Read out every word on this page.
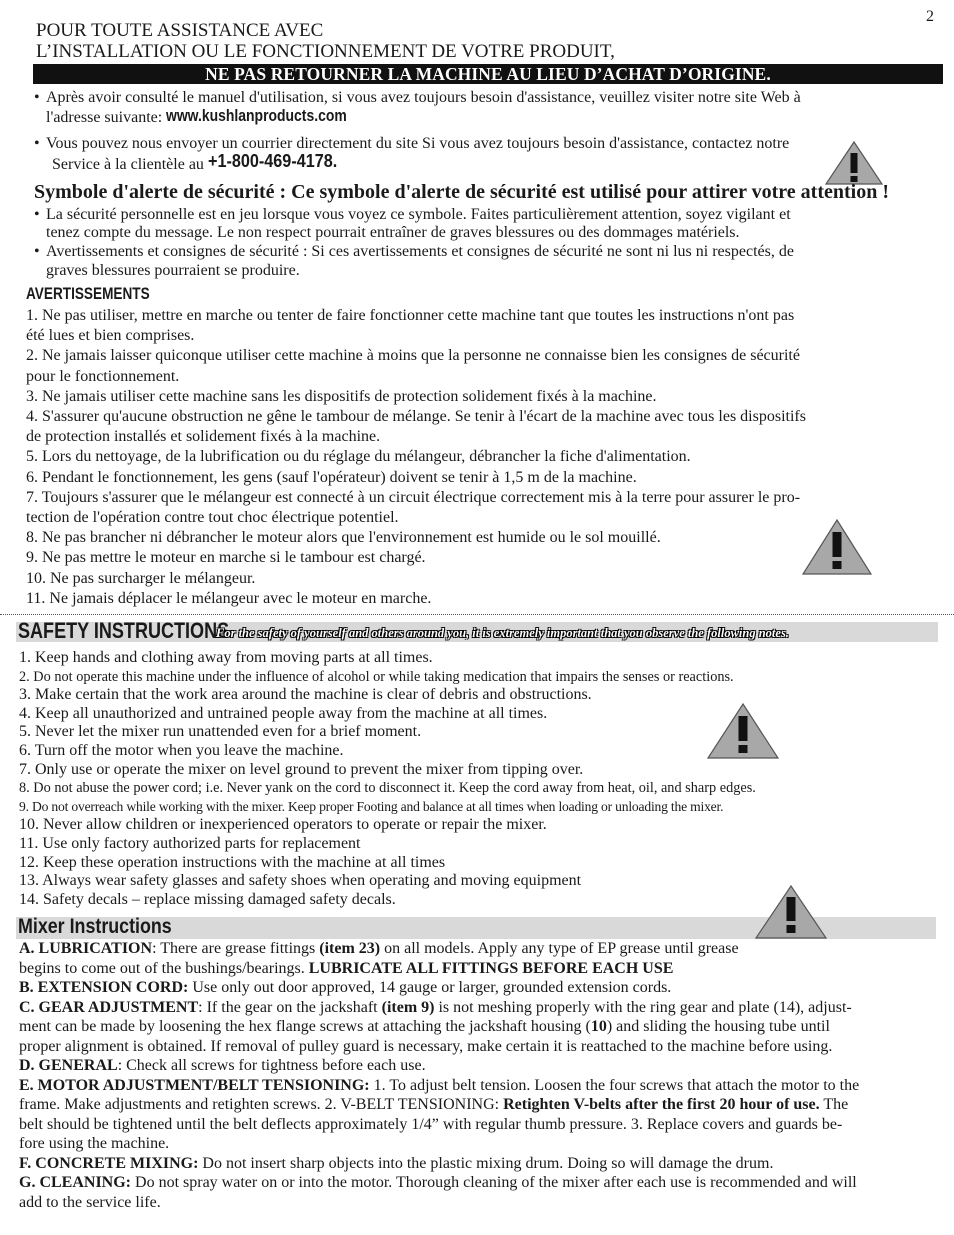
2
POUR TOUTE ASSISTANCE AVEC
L’INSTALLATION OU LE FONCTIONNEMENT DE VOTRE PRODUIT,
NE PAS RETOURNER LA MACHINE AU LIEU D’ACHAT D’ORIGINE.
• Après avoir consulté le manuel d'utilisation, si vous avez toujours besoin d'assistance, veuillez visiter notre site Web à
l'adresse suivante: www.kushlanproducts.com
• Vous pouvez nous envoyer un courrier directement du site Si vous avez toujours besoin d'assistance, contactez notre
Service à la clientèle au +1-800-469-4178.
Symbole d'alerte de sécurité : Ce symbole d'alerte de sécurité est utilisé pour attirer votre attention !
• La sécurité personnelle est en jeu lorsque vous voyez ce symbole. Faites particulièrement attention, soyez vigilant et
tenez compte du message. Le non respect pourrait entraîner de graves blessures ou des dommages matériels.
• Avertissements et consignes de sécurité : Si ces avertissements et consignes de sécurité ne sont ni lus ni respectés, de
graves blessures pourraient se produire.
AVERTISSEMENTS
1. Ne pas utiliser, mettre en marche ou tenter de faire fonctionner cette machine tant que toutes les instructions n'ont pas
été lues et bien comprises.
2. Ne jamais laisser quiconque utiliser cette machine à moins que la personne ne connaisse bien les consignes de sécurité
pour le fonctionnement.
3. Ne jamais utiliser cette machine sans les dispositifs de protection solidement fixés à la machine.
4. S'assurer qu'aucune obstruction ne gêne le tambour de mélange. Se tenir à l'écart de la machine avec tous les dispositifs
de protection installés et solidement fixés à la machine.
5. Lors du nettoyage, de la lubrification ou du réglage du mélangeur, débrancher la fiche d'alimentation.
6. Pendant le fonctionnement, les gens (sauf l'opérateur) doivent se tenir à 1,5 m de la machine.
7. Toujours s'assurer que le mélangeur est connecté à un circuit électrique correctement mis à la terre pour assurer le pro-
tection de l'opération contre tout choc électrique potentiel.
8. Ne pas brancher ni débrancher le moteur alors que l'environnement est humide ou le sol mouillé.
9. Ne pas mettre le moteur en marche si le tambour est chargé.
10. Ne pas surcharger le mélangeur.
11. Ne jamais déplacer le mélangeur avec le moteur en marche.
SAFETY INSTRUCTIONS
For the safety of yourself and others around you, it is extremely important that you observe the following notes.
1. Keep hands and clothing away from moving parts at all times.
2. Do not operate this machine under the influence of alcohol or while taking medication that impairs the senses or reactions.
3. Make certain that the work area around the machine is clear of debris and obstructions.
4. Keep all unauthorized and untrained people away from the machine at all times.
5. Never let the mixer run unattended even for a brief moment.
6. Turn off the motor when you leave the machine.
7. Only use or operate the mixer on level ground to prevent the mixer from tipping over.
8. Do not abuse the power cord; i.e. Never yank on the cord to disconnect it. Keep the cord away from heat, oil, and sharp edges.
9. Do not overreach while working with the mixer. Keep proper Footing and balance at all times when loading or unloading the mixer.
10. Never allow children or inexperienced operators to operate or repair the mixer.
11. Use only factory authorized parts for replacement
12. Keep these operation instructions with the machine at all times
13. Always wear safety glasses and safety shoes when operating and moving equipment
14. Safety decals – replace missing damaged safety decals.
Mixer Instructions
A. LUBRICATION: There are grease fittings (item 23) on all models. Apply any type of EP grease until grease
begins to come out of the bushings/bearings. LUBRICATE ALL FITTINGS BEFORE EACH USE
B. EXTENSION CORD: Use only out door approved, 14 gauge or larger, grounded extension cords.
C. GEAR ADJUSTMENT: If the gear on the jackshaft (item 9) is not meshing properly with the ring gear and plate (14), adjust-
ment can be made by loosening the hex flange screws at attaching the jackshaft housing (10) and sliding the housing tube until
proper alignment is obtained. If removal of pulley guard is necessary, make certain it is reattached to the machine before using.
D. GENERAL: Check all screws for tightness before each use.
E. MOTOR ADJUSTMENT/BELT TENSIONING: 1. To adjust belt tension. Loosen the four screws that attach the motor to the
frame. Make adjustments and retighten screws. 2. V-BELT TENSIONING: Retighten V-belts after the first 20 hour of use. The
belt should be tightened until the belt deflects approximately 1/4” with regular thumb pressure. 3. Replace covers and guards be-
fore using the machine.
F. CONCRETE MIXING: Do not insert sharp objects into the plastic mixing drum. Doing so will damage the drum.
G. CLEANING: Do not spray water on or into the motor. Thorough cleaning of the mixer after each use is recommended and will
add to the service life.
